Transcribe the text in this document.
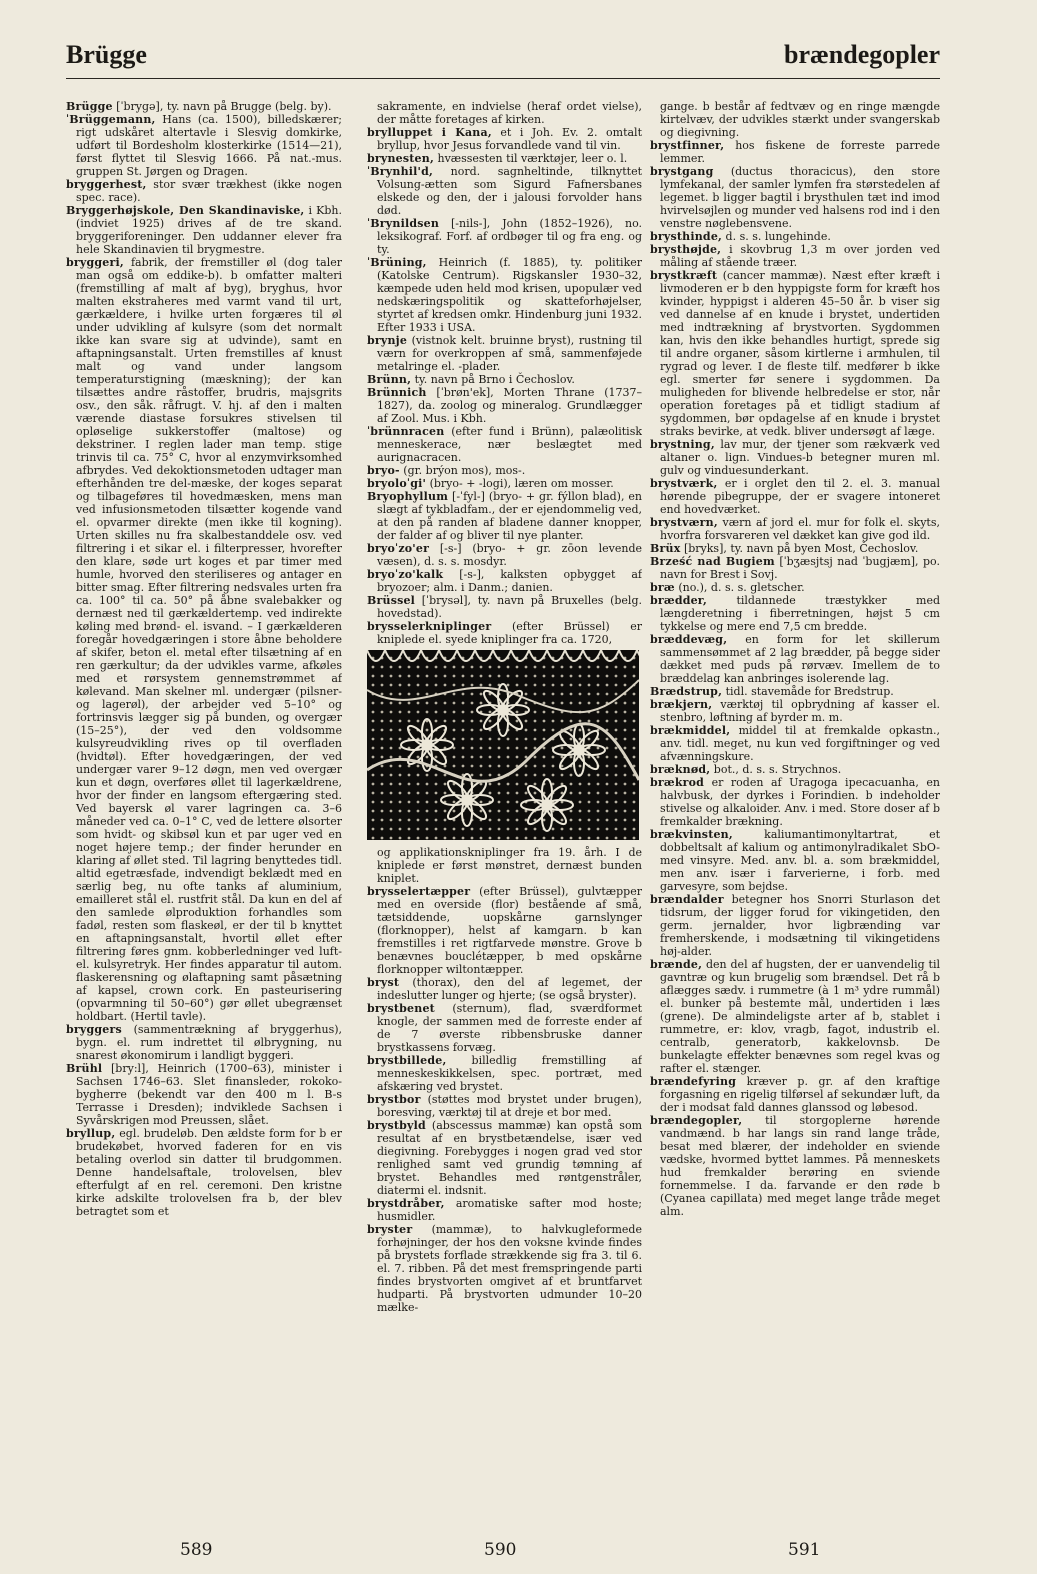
Brügge	brændegopler

Brügge [ˈbrygə], ty. navn på Brugge (belg. by).

ˈBrüggemann, Hans (ca. 1500), billedskærer; rigt udskåret altertavle i Slesvig domkirke, udført til Bordesholm klosterkirke (1514—21), først flyttet til Slesvig 1666. På nat.-mus. gruppen St. Jørgen og Dragen.

bryggerhest, stor svær trækhest (ikke nogen spec. race).

Bryggerhøjskole, Den Skandinaviske, i Kbh. (indviet 1925) drives af de tre skand. bryggeriforeninger. Den uddanner elever fra hele Skandinavien til brygmestre.

bryggeri, fabrik, der fremstiller øl (dog taler man også om eddike-b). b omfatter malteri (fremstilling af malt af byg), bryghus, hvor malten ekstraheres med varmt vand til urt, gærkældere, i hvilke urten forgæres til øl under udvikling af kulsyre (som det normalt ikke kan svare sig at udvinde), samt en aftapningsanstalt. Urten fremstilles af knust malt og vand under langsom temperaturstigning (mæskning); der kan tilsættes andre råstoffer, brudris, majsgrits osv., den såk. råfrugt. V. hj. af den i malten værende diastase forsukres stivelsen til opløselige sukkerstoffer (maltose) og dekstriner. I reglen lader man temp. stige trinvis til ca. 75° C, hvor al enzymvirksomhed afbrydes. Ved dekoktionsmetoden udtager man efterhånden tre del-mæske, der koges separat og tilbageføres til hovedmæsken, mens man ved infusionsmetoden tilsætter kogende vand el. opvarmer direkte (men ikke til kogning). Urten skilles nu fra skalbestanddele osv. ved filtrering i et sikar el. i filterpresser, hvorefter den klare, søde urt koges et par timer med humle, hvorved den steriliseres og antager en bitter smag. Efter filtrering nedsvales urten fra ca. 100° til ca. 50° på åbne svalebakker og dernæst ned til gærkældertemp. ved indirekte køling med brønd- el. isvand. – I gærkælderen foregår hovedgæringen i store åbne beholdere af skifer, beton el. metal efter tilsætning af en ren gærkultur; da der udvikles varme, afkøles med et rørsystem gennemstrømmet af kølevand. Man skelner ml. undergær (pilsner- og lagerøl), der arbejder ved 5–10° og fortrinsvis lægger sig på bunden, og overgær (15–25°), der ved den voldsomme kulsyreudvikling rives op til overfladen (hvidtøl). Efter hovedgæringen, der ved undergær varer 9–12 døgn, men ved overgær kun et døgn, overføres øllet til lagerkældrene, hvor der finder en langsom eftergæring sted. Ved bayersk øl varer lagringen ca. 3–6 måneder ved ca. 0–1° C, ved de lettere ølsorter som hvidt- og skibsøl kun et par uger ved en noget højere temp.; der finder herunder en klaring af øllet sted. Til lagring benyttedes tidl. altid egetræsfade, indvendigt beklædt med en særlig beg, nu ofte tanks af aluminium, emailleret stål el. rustfrit stål. Da kun en del af den samlede ølproduktion forhandles som fadøl, resten som flaskeøl, er der til b knyttet en aftapningsanstalt, hvortil øllet efter filtrering føres gnm. kobberledninger ved luft- el. kulsyretryk. Her findes apparatur til autom. flaskerensning og ølaftapning samt påsætning af kapsel, crown cork. En pasteurisering (opvarmning til 50–60°) gør øllet ubegrænset holdbart. (Hertil tavle).

bryggers (sammentrækning af bryggerhus), bygn. el. rum indrettet til ølbrygning, nu snarest økonomirum i landligt byggeri.

Brühl [bry:l], Heinrich (1700–63), minister i Sachsen 1746–63. Slet finansleder, rokoko-bygherre (bekendt var den 400 m l. B-s Terrasse i Dresden); indviklede Sachsen i Syvårskrigen mod Preussen, slået.

bryllup, egl. brudeløb. Den ældste form for b er brudekøbet, hvorved faderen for en vis betaling overlod sin datter til brudgommen. Denne handelsaftale, trolovelsen, blev efterfulgt af en rel. ceremoni. Den kristne kirke adskilte trolovelsen fra b, der blev betragtet som et

sakramente, en indvielse (heraf ordet vielse), der måtte foretages af kirken.

brylluppet i Kana, et i Joh. Ev. 2. omtalt bryllup, hvor Jesus forvandlede vand til vin.

brynesten, hvæssesten til værktøjer, leer o. l.

ˈBrynhil'd, nord. sagnheltinde, tilknyttet Volsung-ætten som Sigurd Fafnersbanes elskede og den, der i jalousi forvolder hans død.

ˈBrynildsen [-nils-], John (1852–1926), no. leksikograf. Forf. af ordbøger til og fra eng. og ty.

ˈBrüning, Heinrich (f. 1885), ty. politiker (Katolske Centrum). Rigskansler 1930–32, kæmpede uden held mod krisen, upopulær ved nedskæringspolitik og skatteforhøjelser, styrtet af kredsen omkr. Hindenburg juni 1932. Efter 1933 i USA.

brynje (vistnok kelt. bruinne bryst), rustning til værn for overkroppen af små, sammenføjede metalringe el. -plader.

Brünn, ty. navn på Brno i Čechoslov.

Brünnich [ˈbrøn'ek], Morten Thrane (1737–1827), da. zoolog og mineralog. Grundlægger af Zool. Mus. i Kbh.

ˈbrünnracen (efter fund i Brünn), palæolitisk menneskerace, nær beslægtet med aurignacracen.

bryo- (gr. brýon mos), mos-.

bryoloˈgi' (bryo- + -logi), læren om mosser.

Bryophyllum [-ˈfyl-] (bryo- + gr. fýllon blad), en slægt af tykbladfam., der er ejendommelig ved, at den på randen af bladene danner knopper, der falder af og bliver til nye planter.

bryoˈzo'er [-s-] (bryo- + gr. zōon levende væsen), d. s. s. mosdyr.

bryoˈzo'kalk [-s-], kalksten opbygget af bryozoer; alm. i Danm.; danien.

Brüssel [ˈbrysəl], ty. navn på Bruxelles (belg. hovedstad).

brysselerkniplinger (efter Brüssel) er kniplede el. syede kniplinger fra ca. 1720,

og applikationskniplinger fra 19. årh. I de kniplede er først mønstret, dernæst bunden kniplet.

brysselertæpper (efter Brüssel), gulvtæpper med en overside (flor) bestående af små, tætsiddende, uopskårne garnslynger (florknopper), helst af kamgarn. b kan fremstilles i ret rigtfarvede mønstre. Grove b benævnes bouclétæpper, b med opskårne florknopper wiltontæpper.

bryst (thorax), den del af legemet, der indeslutter lunger og hjerte; (se også bryster).

brystbenet (sternum), flad, sværdformet knogle, der sammen med de forreste ender af de 7 øverste ribbensbruske danner brystkassens forvæg.

brystbillede, billedlig fremstilling af menneskeskikkelsen, spec. portræt, med afskæring ved brystet.

brystbor (støttes mod brystet under brugen), boresving, værktøj til at dreje et bor med.

brystbyld (abscessus mammæ) kan opstå som resultat af en brystbetændelse, især ved diegivning. Forebygges i nogen grad ved stor renlighed samt ved grundig tømning af brystet. Behandles med røntgenstråler, diatermi el. indsnit.

brystdråber, aromatiske safter mod hoste; husmidler.

bryster (mammæ), to halvkugleformede forhøjninger, der hos den voksne kvinde findes på brystets forflade strækkende sig fra 3. til 6. el. 7. ribben. På det mest fremspringende parti findes brystvorten omgivet af et bruntfarvet hudparti. På brystvorten udmunder 10–20 mælke-

gange. b består af fedtvæv og en ringe mængde kirtelvæv, der udvikles stærkt under svangerskab og diegivning.

brystfinner, hos fiskene de forreste parrede lemmer.

brystgang (ductus thoracicus), den store lymfekanal, der samler lymfen fra størstedelen af legemet. b ligger bagtil i brysthulen tæt ind imod hvirvelsøjlen og munder ved halsens rod ind i den venstre nøglebensvene.

brysthinde, d. s. s. lungehinde.

brysthøjde, i skovbrug 1,3 m over jorden ved måling af stående træer.

brystkræft (cancer mammæ). Næst efter kræft i livmoderen er b den hyppigste form for kræft hos kvinder, hyppigst i alderen 45–50 år. b viser sig ved dannelse af en knude i brystet, undertiden med indtrækning af brystvorten. Sygdommen kan, hvis den ikke behandles hurtigt, sprede sig til andre organer, såsom kirtlerne i armhulen, til rygrad og lever. I de fleste tilf. medfører b ikke egl. smerter før senere i sygdommen. Da muligheden for blivende helbredelse er stor, når operation foretages på et tidligt stadium af sygdommen, bør opdagelse af en knude i brystet straks bevirke, at vedk. bliver undersøgt af læge.

brystning, lav mur, der tjener som rækværk ved altaner o. lign. Vindues-b betegner muren ml. gulv og vinduesunderkant.

brystværk, er i orglet den til 2. el. 3. manual hørende pibegruppe, der er svagere intoneret end hovedværket.

brystværn, værn af jord el. mur for folk el. skyts, hvorfra forsvareren vel dækket kan give god ild.

Brüx [bryks], ty. navn på byen Most, Čechoslov.

Brześć nad Bugiem [ˈbʒæsjtsj nad ˈbugjæm], po. navn for Brest i Sovj.

bræ (no.), d. s. s. gletscher.

brædder, tildannede træstykker med længderetning i fiberretningen, højst 5 cm tykkelse og mere end 7,5 cm bredde.

bræddevæg, en form for let skillerum sammensømmet af 2 lag brædder, på begge sider dækket med puds på rørvæv. Imellem de to bræddelag kan anbringes isolerende lag.

Brædstrup, tidl. stavemåde for Bredstrup.

brækjern, værktøj til opbrydning af kasser el. stenbro, løftning af byrder m. m.

brækmiddel, middel til at fremkalde opkastn., anv. tidl. meget, nu kun ved forgiftninger og ved afvænningskure.

bræknød, bot., d. s. s. Strychnos.

brækrod er roden af Uragoga ipecacuanha, en halvbusk, der dyrkes i Forindien. b indeholder stivelse og alkaloider. Anv. i med. Store doser af b fremkalder brækning.

brækvinsten, kaliumantimonyltartrat, et dobbeltsalt af kalium og antimonylradikalet SbO- med vinsyre. Med. anv. bl. a. som brækmiddel, men anv. især i farverierne, i forb. med garvesyre, som bejdse.

brændalder betegner hos Snorri Sturlason det tidsrum, der ligger forud for vikingetiden, den germ. jernalder, hvor ligbrænding var fremherskende, i modsætning til vikingetidens høj-alder.

brænde, den del af hugsten, der er uanvendelig til gavntræ og kun brugelig som brændsel. Det rå b aflægges sædv. i rummetre (à 1 m³ ydre rummål) el. bunker på bestemte mål, undertiden i læs (grene). De almindeligste arter af b, stablet i rummetre, er: klov, vragb, fagot, industrib el. centralb, generatorb, kakkelovnsb. De bunkelagte effekter benævnes som regel kvas og rafter el. stænger.

brændefyring kræver p. gr. af den kraftige forgasning en rigelig tilførsel af sekundær luft, da der i modsat fald dannes glanssod og løbesod.

brændegopler, til storgoplerne hørende vandmænd. b har langs sin rand lange tråde, besat med blærer, der indeholder en sviende vædske, hvormed byttet lammes. På menneskets hud fremkalder berøring en sviende fornemmelse. I da. farvande er den røde b (Cyanea capillata) med meget lange tråde meget alm.

589	590	591
